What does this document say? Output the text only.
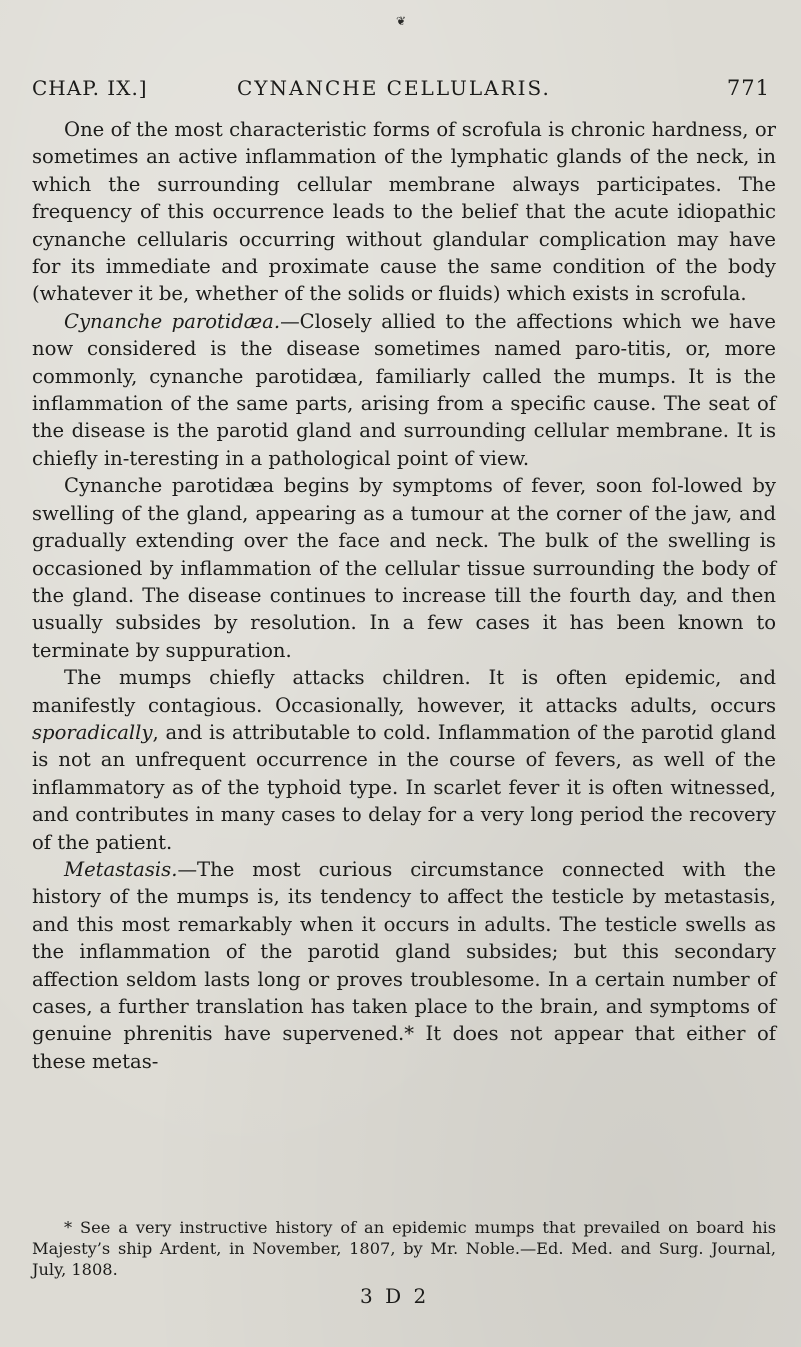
❦
CHAP. IX.]	CYNANCHE CELLULARIS.	771

One of the most characteristic forms of scrofula is chronic hardness, or sometimes an active inflammation of the lymphatic glands of the neck, in which the surrounding cellular membrane always participates. The frequency of this occurrence leads to the belief that the acute idiopathic cynanche cellularis occurring without glandular complication may have for its immediate and proximate cause the same condition of the body (whatever it be, whether of the solids or fluids) which exists in scrofula.

Cynanche parotidæa.—Closely allied to the affections which we have now considered is the disease sometimes named paro-titis, or, more commonly, cynanche parotidæa, familiarly called the mumps. It is the inflammation of the same parts, arising from a specific cause. The seat of the disease is the parotid gland and surrounding cellular membrane. It is chiefly in-teresting in a pathological point of view.

Cynanche parotidæa begins by symptoms of fever, soon fol-lowed by swelling of the gland, appearing as a tumour at the corner of the jaw, and gradually extending over the face and neck. The bulk of the swelling is occasioned by inflammation of the cellular tissue surrounding the body of the gland. The disease continues to increase till the fourth day, and then usually subsides by resolution. In a few cases it has been known to terminate by suppuration.

The mumps chiefly attacks children. It is often epidemic, and manifestly contagious. Occasionally, however, it attacks adults, occurs sporadically, and is attributable to cold. Inflammation of the parotid gland is not an unfrequent occurrence in the course of fevers, as well of the inflammatory as of the typhoid type. In scarlet fever it is often witnessed, and contributes in many cases to delay for a very long period the recovery of the patient.

Metastasis.—The most curious circumstance connected with the history of the mumps is, its tendency to affect the testicle by metastasis, and this most remarkably when it occurs in adults. The testicle swells as the inflammation of the parotid gland subsides; but this secondary affection seldom lasts long or proves troublesome. In a certain number of cases, a further translation has taken place to the brain, and symptoms of genuine phrenitis have supervened.* It does not appear that either of these metas-

* See a very instructive history of an epidemic mumps that prevailed on board his Majesty’s ship Ardent, in November, 1807, by Mr. Noble.—Ed. Med. and Surg. Journal, July, 1808.

3 D 2
